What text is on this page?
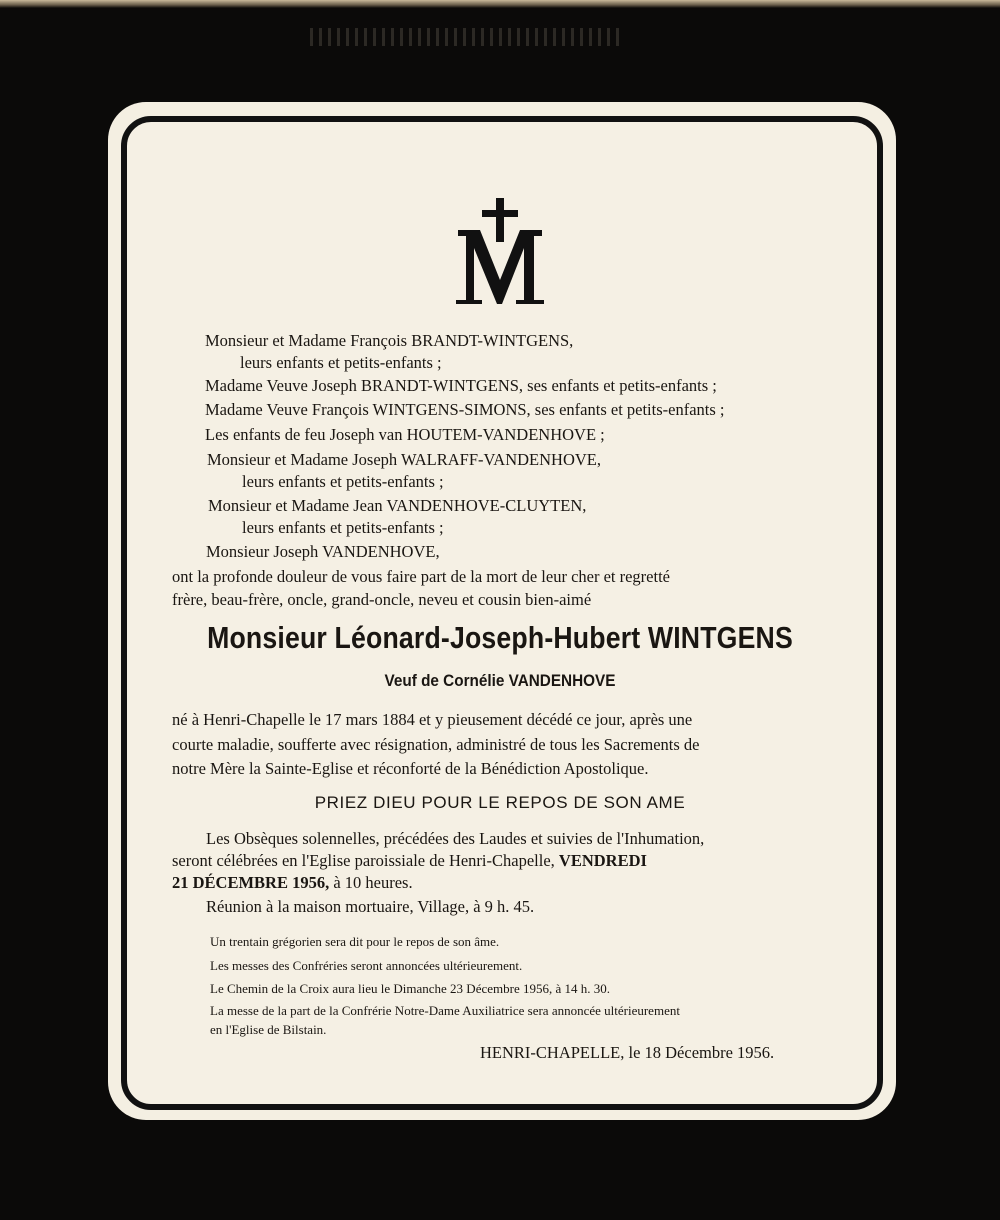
Monsieur et Madame François BRANDT-WINTGENS,
leurs enfants et petits-enfants ;
Madame Veuve Joseph BRANDT-WINTGENS, ses enfants et petits-enfants ;
Madame Veuve François WINTGENS-SIMONS, ses enfants et petits-enfants ;
Les enfants de feu Joseph van HOUTEM-VANDENHOVE ;
Monsieur et Madame Joseph WALRAFF-VANDENHOVE,
leurs enfants et petits-enfants ;
Monsieur et Madame Jean VANDENHOVE-CLUYTEN,
leurs enfants et petits-enfants ;
Monsieur Joseph VANDENHOVE,
ont la profonde douleur de vous faire part de la mort de leur cher et regretté
frère, beau-frère, oncle, grand-oncle, neveu et cousin bien-aimé
Monsieur Léonard-Joseph-Hubert WINTGENS
Veuf de Cornélie VANDENHOVE
né à Henri-Chapelle le 17 mars 1884 et y pieusement décédé ce jour, après une
courte maladie, soufferte avec résignation, administré de tous les Sacrements de
notre Mère la Sainte-Eglise et réconforté de la Bénédiction Apostolique.
PRIEZ DIEU POUR LE REPOS DE SON AME
Les Obsèques solennelles, précédées des Laudes et suivies de l'Inhumation,
seront célébrées en l'Eglise paroissiale de Henri-Chapelle, VENDREDI
21 DÉCEMBRE 1956, à 10 heures.
Réunion à la maison mortuaire, Village, à 9 h. 45.
Un trentain grégorien sera dit pour le repos de son âme.
Les messes des Confréries seront annoncées ultérieurement.
Le Chemin de la Croix aura lieu le Dimanche 23 Décembre 1956, à 14 h. 30.
La messe de la part de la Confrérie Notre-Dame Auxiliatrice sera annoncée ultérieurement
en l'Eglise de Bilstain.
HENRI-CHAPELLE, le 18 Décembre 1956.
